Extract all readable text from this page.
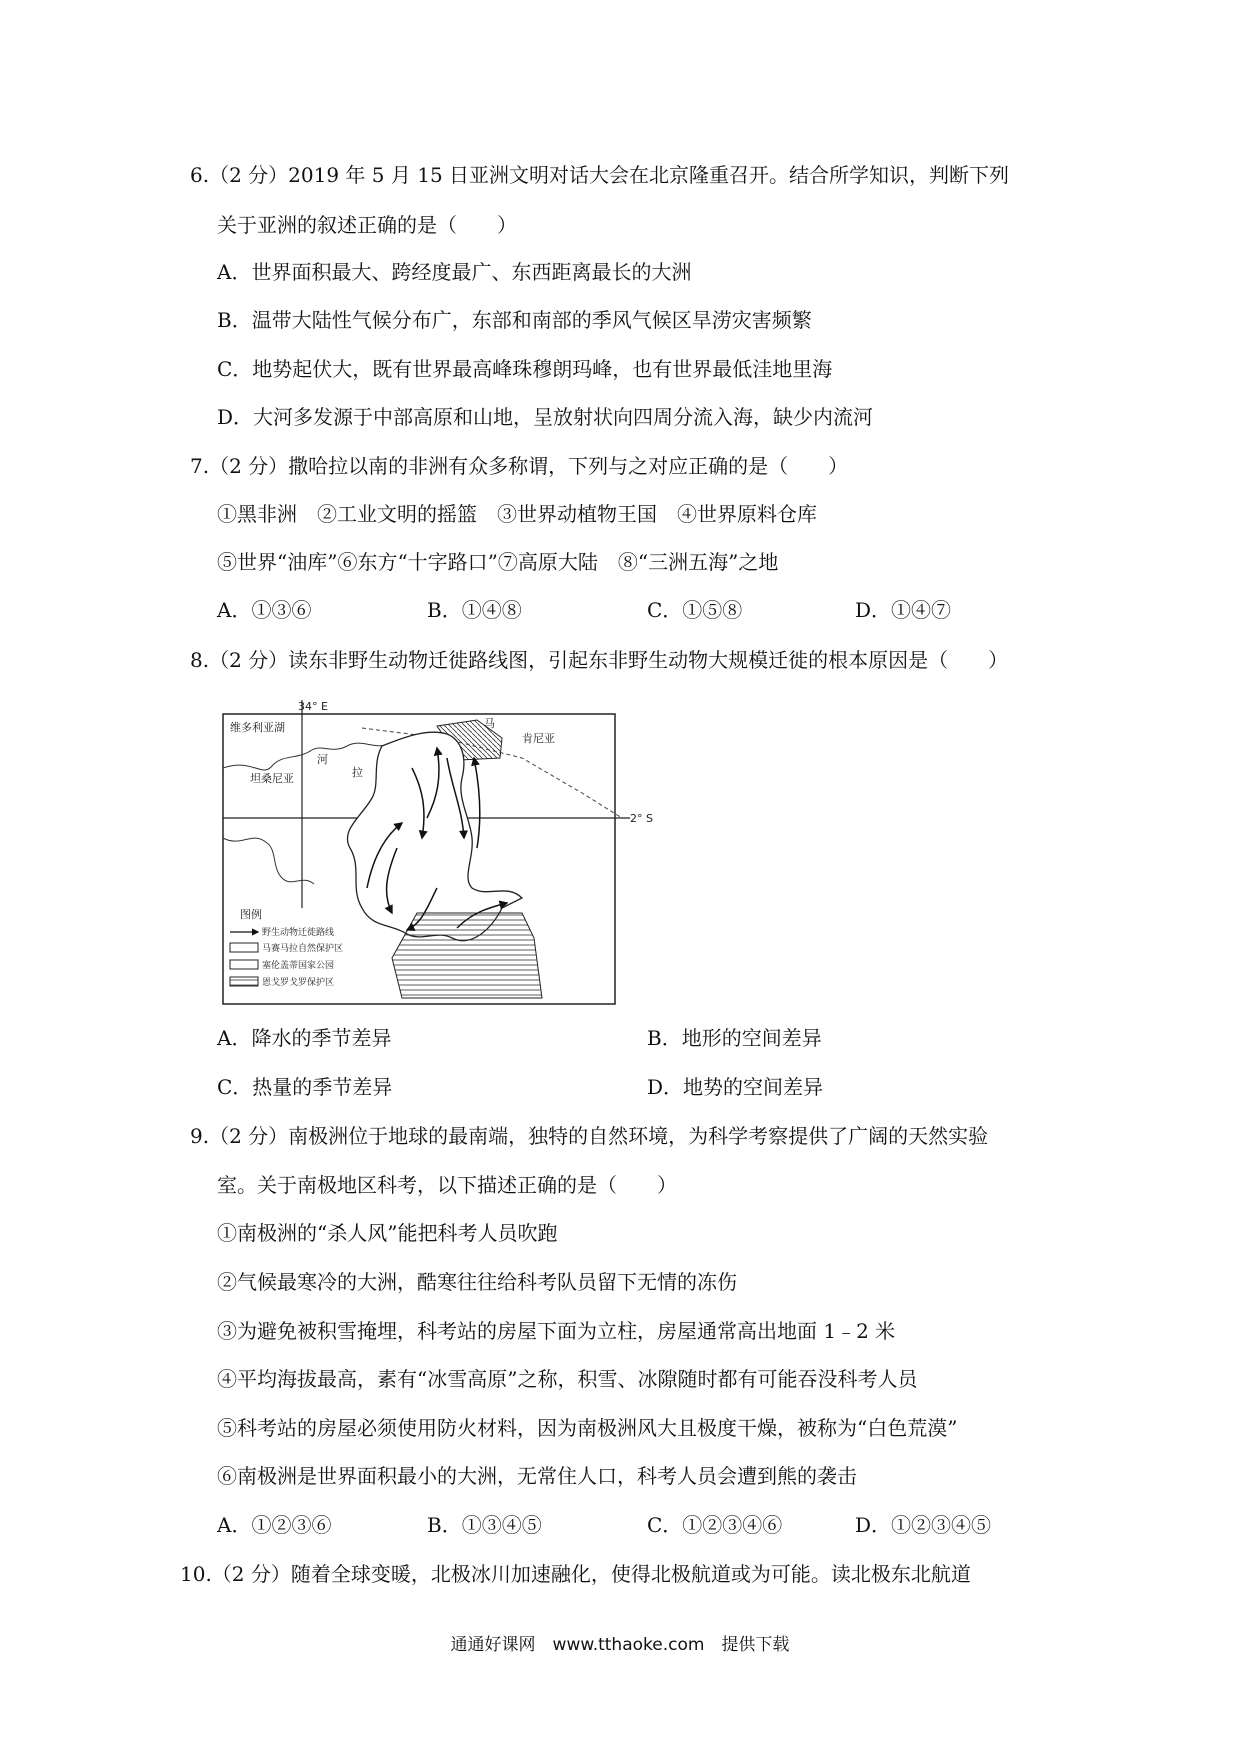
6.（2 分）2019 年 5 月 15 日亚洲文明对话大会在北京隆重召开。结合所学知识，判断下列
关于亚洲的叙述正确的是（　　）
A．世界面积最大、跨经度最广、东西距离最长的大洲
B．温带大陆性气候分布广，东部和南部的季风气候区旱涝灾害频繁
C．地势起伏大，既有世界最高峰珠穆朗玛峰，也有世界最低洼地里海
D．大河多发源于中部高原和山地，呈放射状向四周分流入海，缺少内流河
7.（2 分）撒哈拉以南的非洲有众多称谓，下列与之对应正确的是（　　）
①黑非洲　②工业文明的摇篮　③世界动植物王国　④世界原料仓库
⑤世界“油库”⑥东方“十字路口”⑦高原大陆　⑧“三洲五海”之地
A．①③⑥	B．①④⑧	C．①⑤⑧	D．①④⑦
8.（2 分）读东非野生动物迁徙路线图，引起东非野生动物大规模迁徙的根本原因是（　　）
34° E
2° S
维多利亚湖
肯尼亚
马
河
拉
坦桑尼亚
图例
野生动物迁徙路线
马赛马拉自然保护区
塞伦盖蒂国家公园
恩戈罗戈罗保护区
A．降水的季节差异	B．地形的空间差异
C．热量的季节差异	D．地势的空间差异
9.（2 分）南极洲位于地球的最南端，独特的自然环境，为科学考察提供了广阔的天然实验
室。关于南极地区科考，以下描述正确的是（　　）
①南极洲的“杀人风”能把科考人员吹跑
②气候最寒冷的大洲，酷寒往往给科考队员留下无情的冻伤
③为避免被积雪掩埋，科考站的房屋下面为立柱，房屋通常高出地面 1﹣2 米
④平均海拔最高，素有“冰雪高原”之称，积雪、冰隙随时都有可能吞没科考人员
⑤科考站的房屋必须使用防火材料，因为南极洲风大且极度干燥，被称为“白色荒漠”
⑥南极洲是世界面积最小的大洲，无常住人口，科考人员会遭到熊的袭击
A．①②③⑥	B．①③④⑤	C．①②③④⑥	D．①②③④⑤
10.（2 分）随着全球变暖，北极冰川加速融化，使得北极航道或为可能。读北极东北航道
通通好课网　www.tthaoke.com　提供下载
